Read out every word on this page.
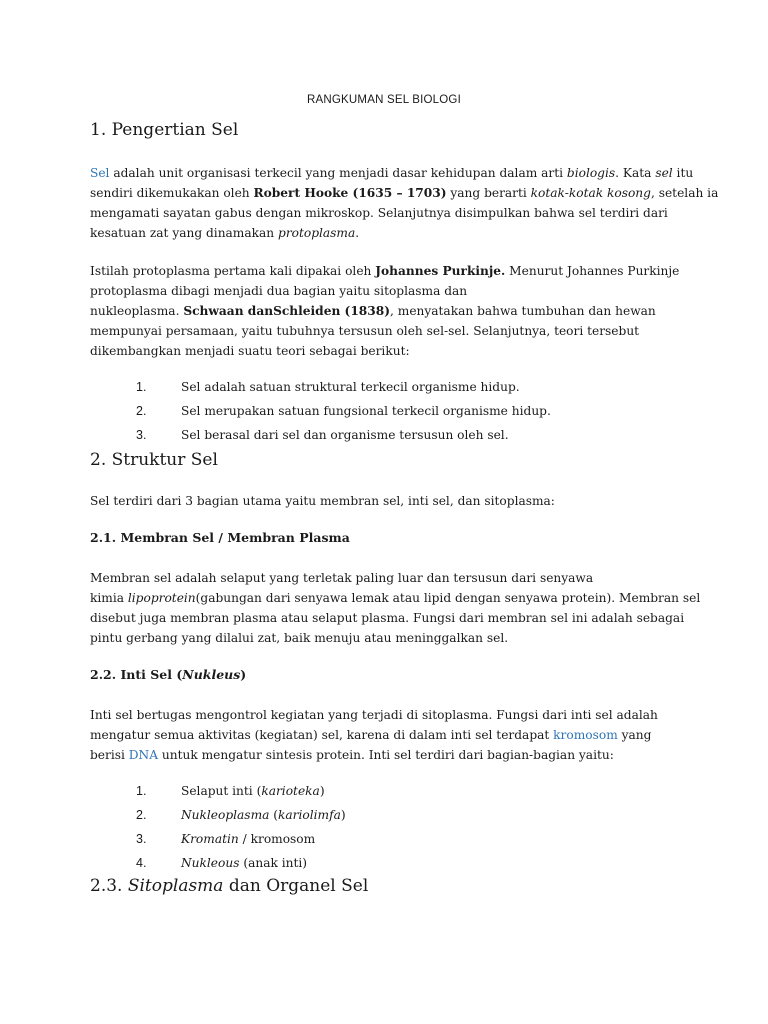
RANGKUMAN SEL BIOLOGI
1. Pengertian Sel

Sel adalah unit organisasi terkecil yang menjadi dasar kehidupan dalam arti biologis. Kata sel itu
sendiri dikemukakan oleh Robert Hooke (1635 – 1703) yang berarti kotak-kotak kosong, setelah ia
mengamati sayatan gabus dengan mikroskop. Selanjutnya disimpulkan bahwa sel terdiri dari
kesatuan zat yang dinamakan protoplasma.

Istilah protoplasma pertama kali dipakai oleh Johannes Purkinje. Menurut Johannes Purkinje
protoplasma dibagi menjadi dua bagian yaitu sitoplasma dan
nukleoplasma. Schwaan danSchleiden (1838), menyatakan bahwa tumbuhan dan hewan
mempunyai persamaan, yaitu tubuhnya tersusun oleh sel-sel. Selanjutnya, teori tersebut
dikembangkan menjadi suatu teori sebagai berikut:

1.	Sel adalah satuan struktural terkecil organisme hidup.
2.	Sel merupakan satuan fungsional terkecil organisme hidup.
3.	Sel berasal dari sel dan organisme tersusun oleh sel.
2. Struktur Sel

Sel terdiri dari 3 bagian utama yaitu membran sel, inti sel, dan sitoplasma:

2.1. Membran Sel / Membran Plasma

Membran sel adalah selaput yang terletak paling luar dan tersusun dari senyawa
kimia lipoprotein(gabungan dari senyawa lemak atau lipid dengan senyawa protein). Membran sel
disebut juga membran plasma atau selaput plasma. Fungsi dari membran sel ini adalah sebagai
pintu gerbang yang dilalui zat, baik menuju atau meninggalkan sel.

2.2. Inti Sel (Nukleus)

Inti sel bertugas mengontrol kegiatan yang terjadi di sitoplasma. Fungsi dari inti sel adalah
mengatur semua aktivitas (kegiatan) sel, karena di dalam inti sel terdapat kromosom yang
berisi DNA untuk mengatur sintesis protein. Inti sel terdiri dari bagian-bagian yaitu:

1.	Selaput inti (karioteka)
2.	Nukleoplasma (kariolimfa)
3.	Kromatin / kromosom
4.	Nukleous (anak inti)
2.3. Sitoplasma dan Organel Sel
